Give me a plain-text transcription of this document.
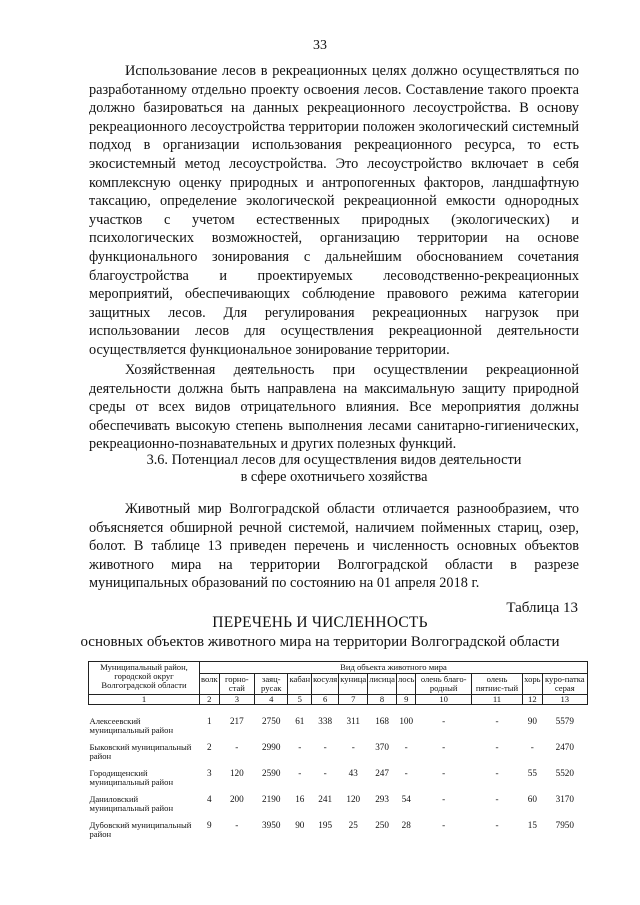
33

Использование лесов в рекреационных целях должно осуществляться по разработанному отдельно проекту освоения лесов. Составление такого проекта должно базироваться на данных рекреационного лесоустройства. В основу рекреационного лесоустройства территории положен экологический системный подход в организации использования рекреационного ресурса, то есть экосистемный метод лесоустройства. Это лесоустройство включает в себя комплексную оценку природных и антропогенных факторов, ландшафтную таксацию, определение экологической рекреационной емкости однородных участков с учетом естественных природных (экологических) и психологических возможностей, организацию территории на основе функционального зонирования с дальнейшим обоснованием сочетания благоустройства и проектируемых лесоводственно-рекреационных мероприятий, обеспечивающих соблюдение правового режима категории защитных лесов. Для регулирования рекреационных нагрузок при использовании лесов для осуществления рекреационной деятельности осуществляется функциональное зонирование территории.

Хозяйственная деятельность при осуществлении рекреационной деятельности должна быть направлена на максимальную защиту природной среды от всех видов отрицательного влияния. Все мероприятия должны обеспечивать высокую степень выполнения лесами санитарно-гигиенических, рекреационно-познавательных и других полезных функций.

3.6. Потенциал лесов для осуществления видов деятельности
в сфере охотничьего хозяйства

Животный мир Волгоградской области отличается разнообразием, что объясняется обширной речной системой, наличием пойменных стариц, озер, болот. В таблице 13 приведен перечень и численность основных объектов животного мира на территории Волгоградской области в разрезе муниципальных образований по состоянию на 01 апреля 2018 г.

Таблица 13
ПЕРЕЧЕНЬ И ЧИСЛЕННОСТЬ
основных объектов животного мира на территории Волгоградской области
Муниципальный район, городской округ Волгоградской области	Вид объекта животного мира											
	волк	горно-стай	заяц-русак	кабан	косуля	куница	лисица	лось	олень благо-родный	олень пятнис-тый	хорь	куро-патка серая
1	2	3	4	5	6	7	8	9	10	11	12	13

Алексеевский муниципальный район	1	217	2750	61	338	311	168	100	-	-	90	5579
Быковский муниципальный район	2	-	2990	-	-	-	370	-	-	-	-	2470
Городищенский муниципальный район	3	120	2590	-	-	43	247	-	-	-	55	5520
Даниловский муниципальный район	4	200	2190	16	241	120	293	54	-	-	60	3170
Дубовский муниципальный район	9	-	3950	90	195	25	250	28	-	-	15	7950
